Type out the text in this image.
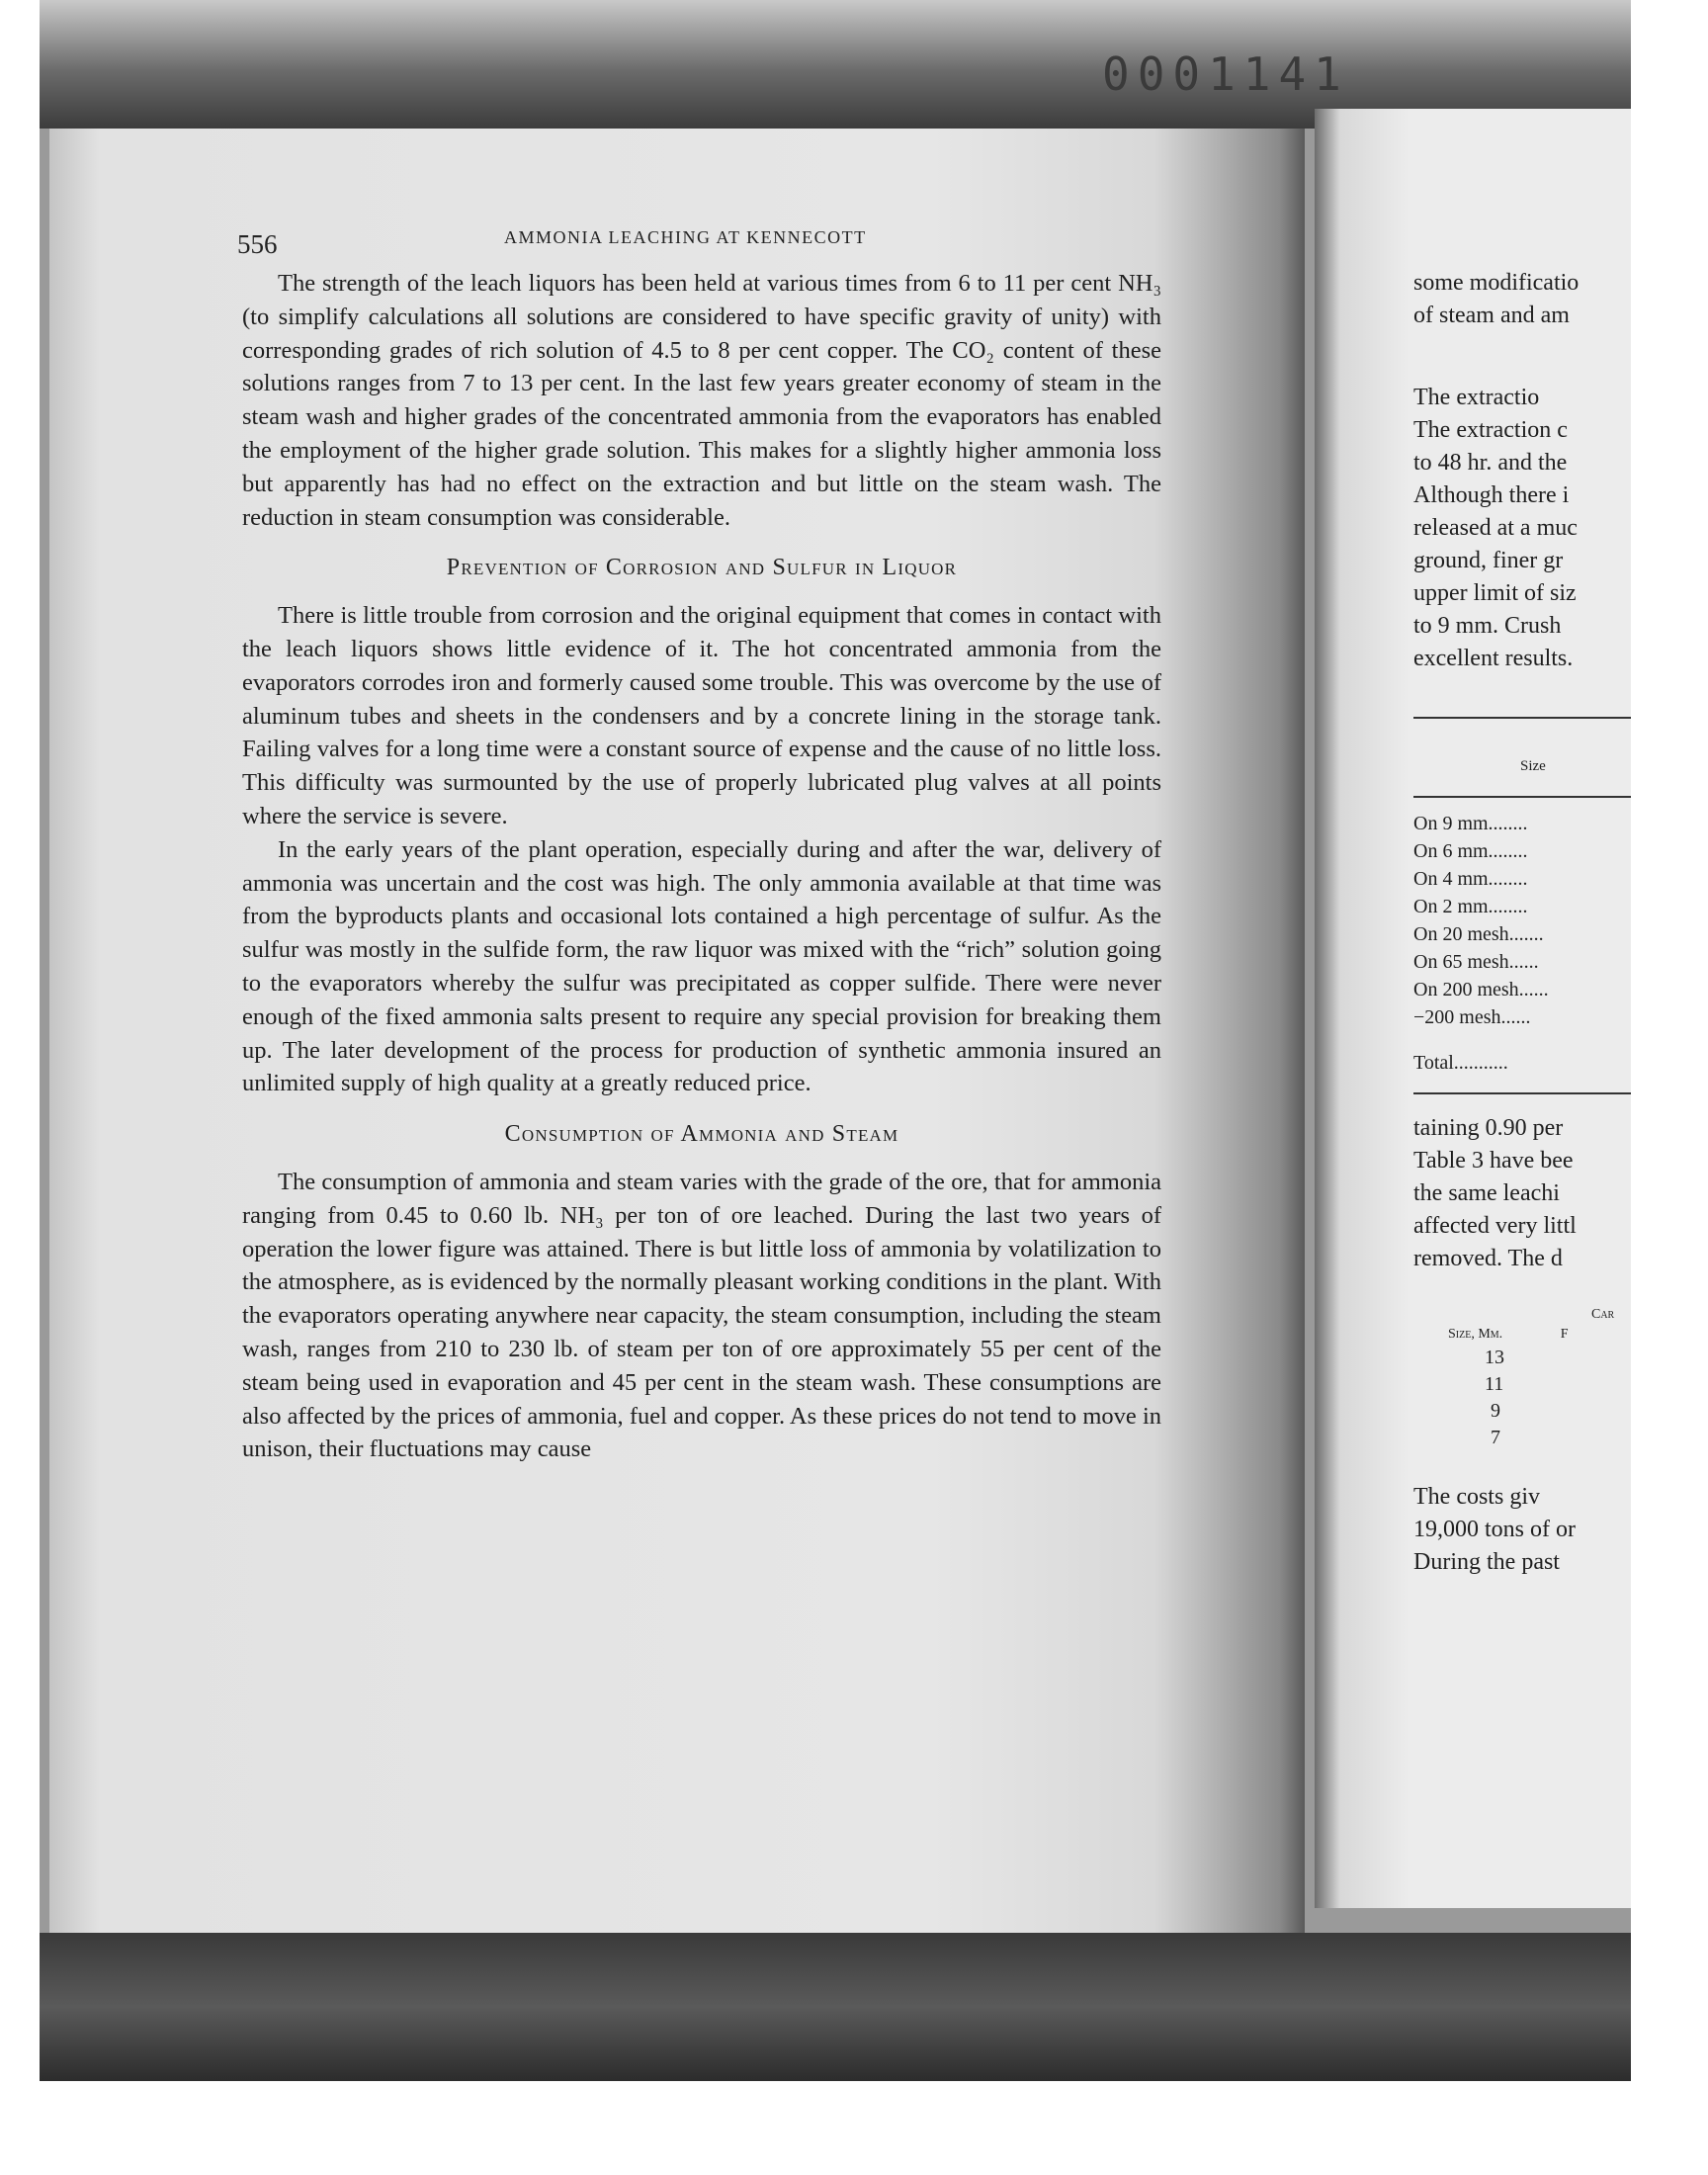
0001141
556	AMMONIA LEACHING AT KENNECOTT

The strength of the leach liquors has been held at various times from 6 to 11 per cent NH₃ (to simplify calculations all solutions are considered to have specific gravity of unity) with corresponding grades of rich solution of 4.5 to 8 per cent copper. The CO₂ content of these solutions ranges from 7 to 13 per cent. In the last few years greater economy of steam in the steam wash and higher grades of the concentrated ammonia from the evaporators has enabled the employment of the higher grade solution. This makes for a slightly higher ammonia loss but apparently has had no effect on the extraction and but little on the steam wash. The reduction in steam consumption was considerable.

Prevention of Corrosion and Sulfur in Liquor

There is little trouble from corrosion and the original equipment that comes in contact with the leach liquors shows little evidence of it. The hot concentrated ammonia from the evaporators corrodes iron and formerly caused some trouble. This was overcome by the use of aluminum tubes and sheets in the condensers and by a concrete lining in the storage tank. Failing valves for a long time were a constant source of expense and the cause of no little loss. This difficulty was surmounted by the use of properly lubricated plug valves at all points where the service is severe.

In the early years of the plant operation, especially during and after the war, delivery of ammonia was uncertain and the cost was high. The only ammonia available at that time was from the byproducts plants and occasional lots contained a high percentage of sulfur. As the sulfur was mostly in the sulfide form, the raw liquor was mixed with the “rich” solution going to the evaporators whereby the sulfur was precipitated as copper sulfide. There were never enough of the fixed ammonia salts present to require any special provision for breaking them up. The later development of the process for production of synthetic ammonia insured an unlimited supply of high quality at a greatly reduced price.

Consumption of Ammonia and Steam

The consumption of ammonia and steam varies with the grade of the ore, that for ammonia ranging from 0.45 to 0.60 lb. NH₃ per ton of ore leached. During the last two years of operation the lower figure was attained. There is but little loss of ammonia by volatilization to the atmosphere, as is evidenced by the normally pleasant working conditions in the plant. With the evaporators operating anywhere near capacity, the steam consumption, including the steam wash, ranges from 210 to 230 lb. of steam per ton of ore approximately 55 per cent of the steam being used in evaporation and 45 per cent in the steam wash. These consumptions are also affected by the prices of ammonia, fuel and copper. As these prices do not tend to move in unison, their fluctuations may cause

some modificatio
of steam and am
The extractio
The extraction c
to 48 hr. and the
Although there i
released at a muc
ground, finer gr
upper limit of siz
to 9 mm. Crush
excellent results.
Size
On 9 mm........
On 6 mm........
On 4 mm........
On 2 mm........
On 20 mesh.......
On 65 mesh......
On 200 mesh......
−200 mesh......
Total...........
taining 0.90 per
Table 3 have bee
the same leachi
affected very littl
removed. The d
Car
Size, Mm.	F
13
11
9
7
The costs giv
19,000 tons of or
During the past
